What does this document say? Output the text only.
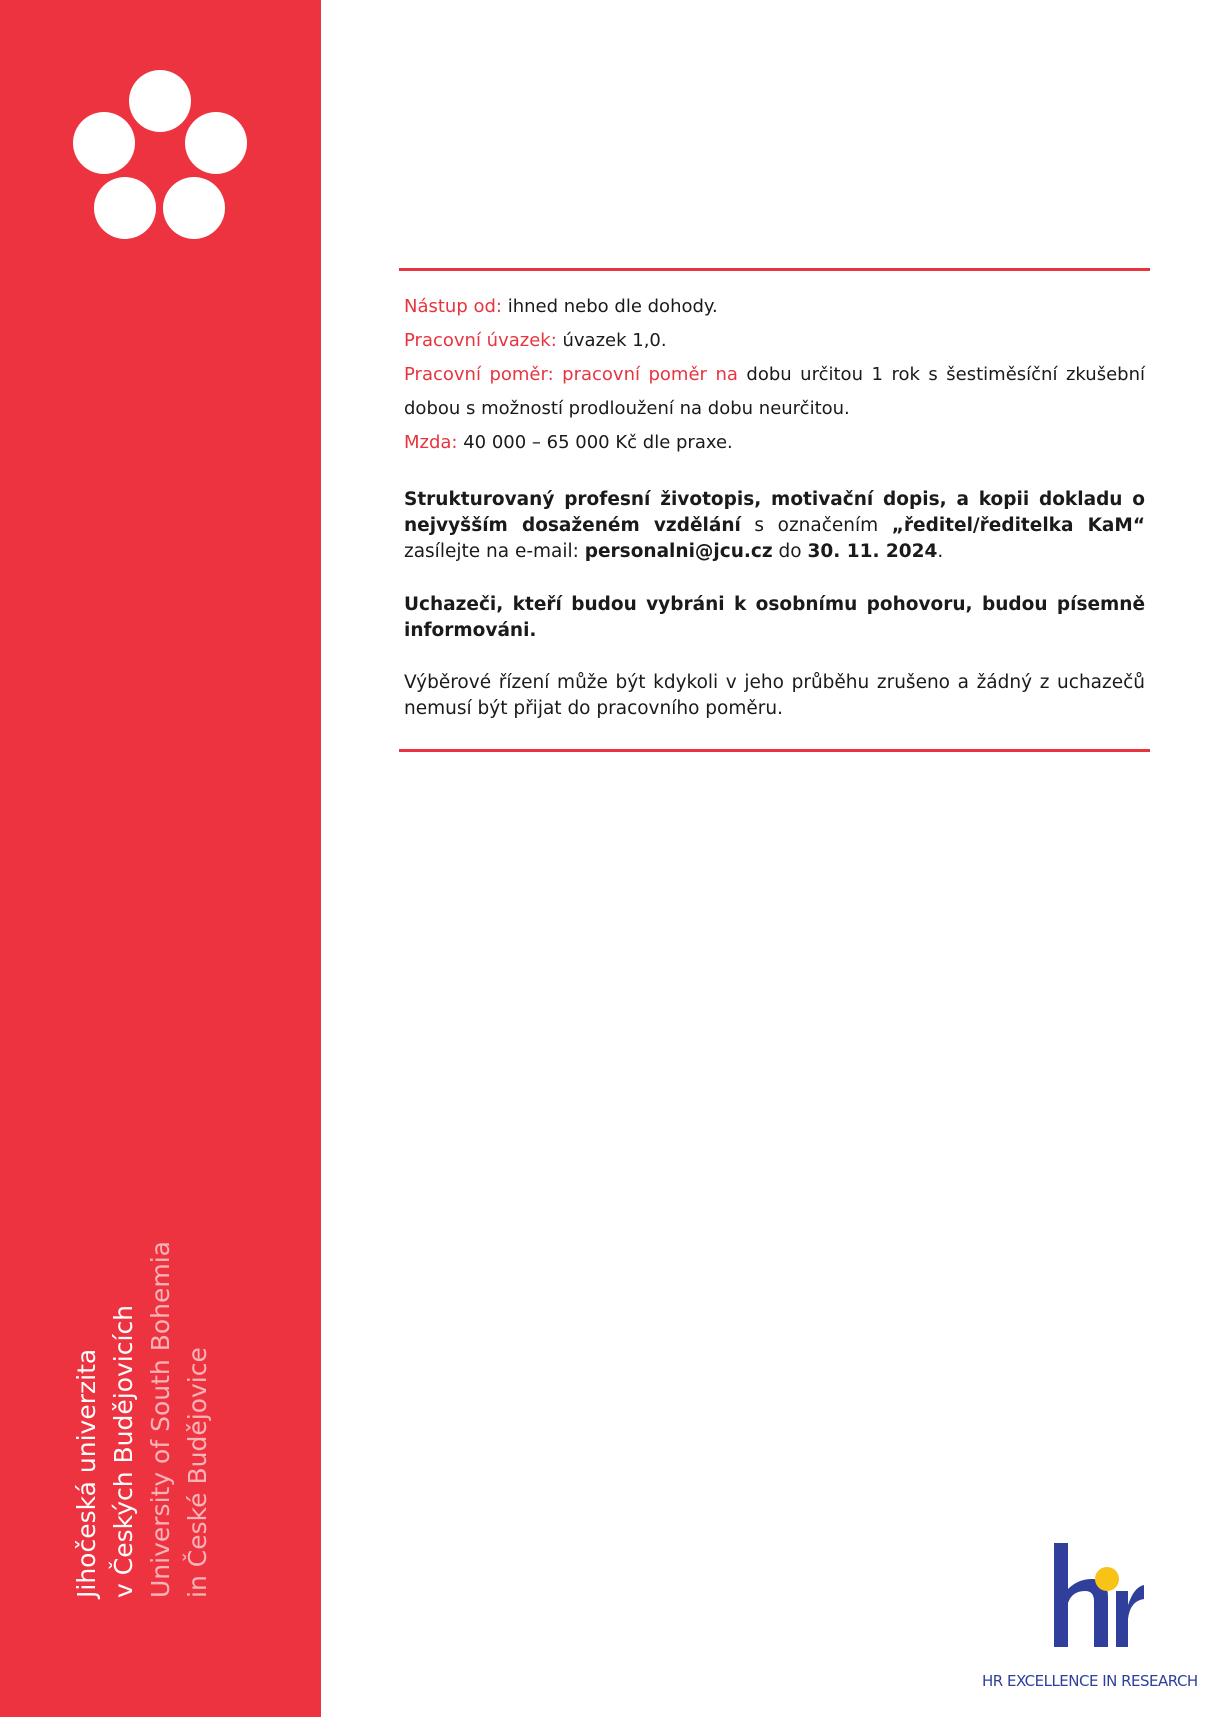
Jihočeská univerzita v Českých Budějovicích University of South Bohemia in České Budějovice

Nástup od: ihned nebo dle dohody.

Pracovní úvazek: úvazek 1,0.

Pracovní poměr: pracovní poměr na dobu určitou 1 rok s šestiměsíční zkušební dobou s možností prodloužení na dobu neurčitou.

Mzda: 40 000 – 65 000 Kč dle praxe.

Strukturovaný profesní životopis, motivační dopis, a kopii dokladu o nejvyšším dosaženém vzdělání s označením „ředitel/ředitelka KaM“ zasílejte na e-mail: personalni@jcu.cz do 30. 11. 2024.

Uchazeči, kteří budou vybráni k osobnímu pohovoru, budou písemně informováni.

Výběrové řízení může být kdykoli v jeho průběhu zrušeno a žádný z uchazečů nemusí být přijat do pracovního poměru.

HR EXCELLENCE IN RESEARCH
